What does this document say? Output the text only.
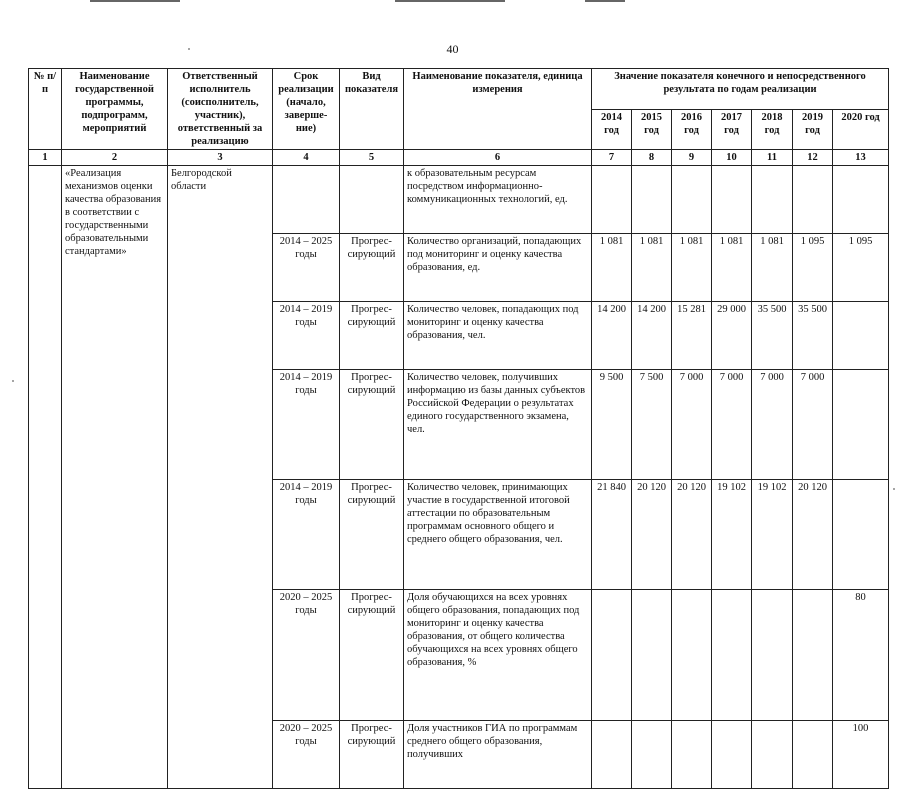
40
№ п/п	Наименование государственной программы, подпрограмм, мероприятий	Ответственный исполнитель (соисполнитель, участник), ответственный за реализацию	Срок реализации (начало, заверше-ние)	Вид показателя	Наименование показателя, единица измерения	Значение показателя конечного и непосредственного результата по годам реализации						
						2014 год	2015 год	2016 год	2017 год	2018 год	2019 год	2020 год
1	2	3	4	5	6	7	8	9	10	11	12	13
	«Реализация механизмов оценки качества образования в соответствии с государственными образовательными стандартами»	Белгородской области			к образовательным ресурсам посредством информационно-коммуникационных технологий, ед.							
			2014 – 2025 годы	Прогрес-сирующий	Количество организаций, попадающих под мониторинг и оценку качества образования, ед.	1 081	1 081	1 081	1 081	1 081	1 095	1 095
			2014 – 2019 годы	Прогрес-сирующий	Количество человек, попадающих под мониторинг и оценку качества образования, чел.	14 200	14 200	15 281	29 000	35 500	35 500	
			2014 – 2019 годы	Прогрес-сирующий	Количество человек, получивших информацию из базы данных субъектов Российской Федерации о результатах единого государственного экзамена, чел.	9 500	7 500	7 000	7 000	7 000	7 000	
			2014 – 2019 годы	Прогрес-сирующий	Количество человек, принимающих участие в государственной итоговой аттестации по образовательным программам основного общего и среднего общего образования, чел.	21 840	20 120	20 120	19 102	19 102	20 120	
			2020 – 2025 годы	Прогрес-сирующий	Доля обучающихся на всех уровнях общего образования, попадающих под мониторинг и оценку качества образования, от общего количества обучающихся на всех уровнях общего образования, %							80
			2020 – 2025 годы	Прогрес-сирующий	Доля участников ГИА по программам среднего общего образования, получивших							100
